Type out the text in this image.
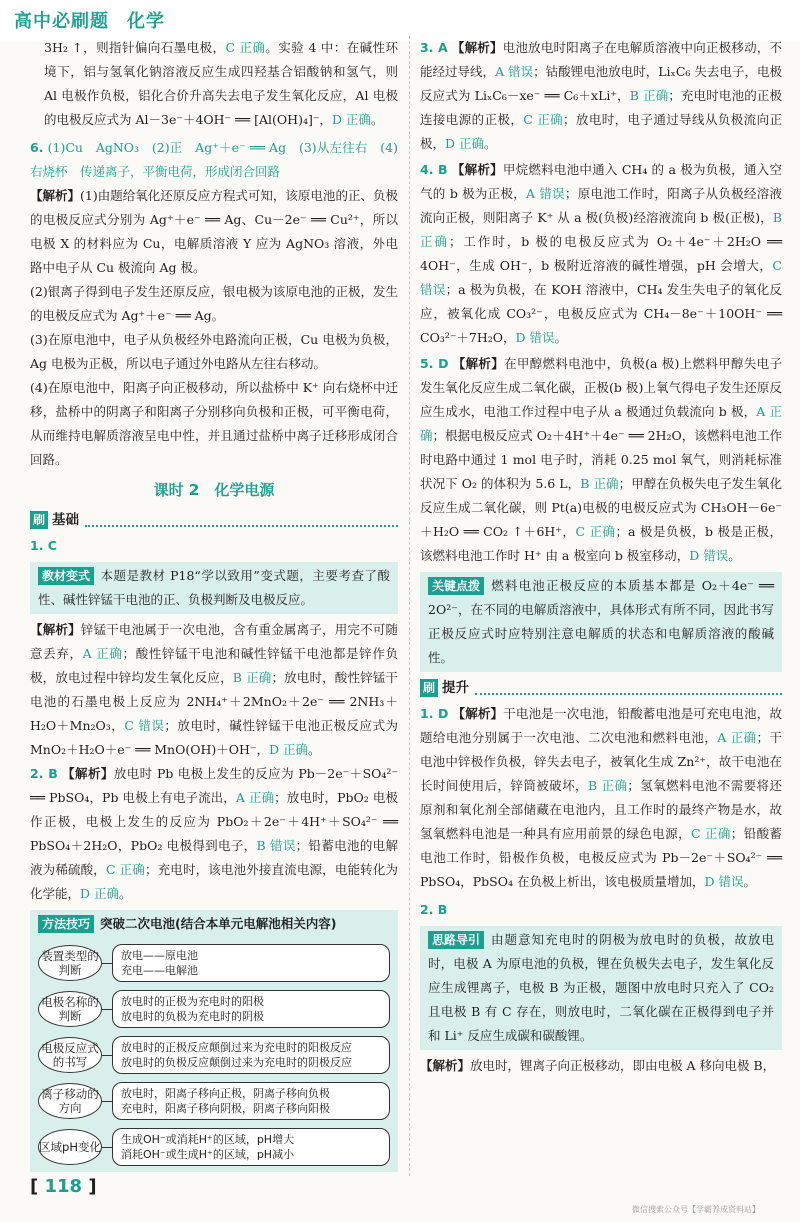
高中必刷题 化学

3H₂ ↑，则指针偏向石墨电极，C 正确。实验 4 中：在碱性环境下，铝与氢氧化钠溶液反应生成四羟基合铝酸钠和氢气，则 Al 电极作负极，铝化合价升高失去电子发生氧化反应，Al 电极的电极反应式为 Al－3e⁻＋4OH⁻ ══ [Al(OH)₄]⁻，D 正确。

6. (1)Cu　AgNO₃　(2)正　Ag⁺＋e⁻ ══ Ag　(3)从左往右　(4)右烧杯　传递离子，平衡电荷，形成闭合回路

【解析】(1)由题给氧化还原反应方程式可知，该原电池的正、负极的电极反应式分别为 Ag⁺＋e⁻ ══ Ag、Cu－2e⁻ ══ Cu²⁺，所以电极 X 的材料应为 Cu，电解质溶液 Y 应为 AgNO₃ 溶液，外电路中电子从 Cu 极流向 Ag 极。

(2)银离子得到电子发生还原反应，银电极为该原电池的正极，发生的电极反应式为 Ag⁺＋e⁻ ══ Ag。

(3)在原电池中，电子从负极经外电路流向正极，Cu 电极为负极，Ag 电极为正极，所以电子通过外电路从左往右移动。

(4)在原电池中，阳离子向正极移动，所以盐桥中 K⁺ 向右烧杯中迁移，盐桥中的阴离子和阳离子分别移向负极和正极，可平衡电荷，从而维持电解质溶液呈电中性，并且通过盐桥中离子迁移形成闭合回路。

课时 2　化学电源
刷 基础

1. C

教材变式 本题是教材 P18“学以致用”变式题，主要考查了酸性、碱性锌锰干电池的正、负极判断及电极反应。

【解析】锌锰干电池属于一次电池，含有重金属离子，用完不可随意丢弃，A 正确；酸性锌锰干电池和碱性锌锰干电池都是锌作负极，放电过程中锌均发生氧化反应，B 正确；放电时，酸性锌锰干电池的石墨电极上反应为 2NH₄⁺＋2MnO₂＋2e⁻ ══ 2NH₃＋H₂O＋Mn₂O₃，C 错误；放电时，碱性锌锰干电池正极反应式为 MnO₂＋H₂O＋e⁻ ══ MnO(OH)＋OH⁻，D 正确。

2. B 【解析】放电时 Pb 电极上发生的反应为 Pb－2e⁻＋SO₄²⁻ ══ PbSO₄，Pb 电极上有电子流出，A 正确；放电时，PbO₂ 电极作正极，电极上发生的反应为 PbO₂＋2e⁻＋4H⁺＋SO₄²⁻ ══ PbSO₄＋2H₂O，PbO₂ 电极得到电子，B 错误；铅蓄电池的电解液为稀硫酸，C 正确；充电时，该电池外接直流电源，电能转化为化学能，D 正确。

方法技巧 突破二次电池(结合本单元电解池相关内容)
装置类型的判断
放电——原电池
充电——电解池
电极名称的判断
放电时的正极为充电时的阳极
放电时的负极为充电时的阴极
电极反应式的书写
放电时的正极反应颠倒过来为充电时的阳极反应
放电时的负极反应颠倒过来为充电时的阴极反应
离子移动的方向
放电时，阳离子移向正极，阴离子移向负极
充电时，阳离子移向阴极，阴离子移向阳极
区域pH变化
生成OH⁻或消耗H⁺的区域，pH增大
消耗OH⁻或生成H⁺的区域，pH减小

3. A 【解析】电池放电时阳离子在电解质溶液中向正极移动，不能经过导线，A 错误；钴酸锂电池放电时，LiₓC₆ 失去电子，电极反应式为 LiₓC₆－xe⁻ ══ C₆＋xLi⁺，B 正确；充电时电池的正极连接电源的正极，C 正确；放电时，电子通过导线从负极流向正极，D 正确。

4. B 【解析】甲烷燃料电池中通入 CH₄ 的 a 极为负极，通入空气的 b 极为正极，A 错误；原电池工作时，阳离子从负极经溶液流向正极，则阳离子 K⁺ 从 a 极(负极)经溶液流向 b 极(正极)，B 正确；工作时，b 极的电极反应式为 O₂＋4e⁻＋2H₂O ══ 4OH⁻，生成 OH⁻，b 极附近溶液的碱性增强，pH 会增大，C 错误；a 极为负极，在 KOH 溶液中，CH₄ 发生失电子的氧化反应，被氧化成 CO₃²⁻，电极反应式为 CH₄－8e⁻＋10OH⁻ ══ CO₃²⁻＋7H₂O，D 错误。

5. D 【解析】在甲醇燃料电池中，负极(a 极)上燃料甲醇失电子发生氧化反应生成二氧化碳，正极(b 极)上氧气得电子发生还原反应生成水，电池工作过程中电子从 a 极通过负载流向 b 极，A 正确；根据电极反应式 O₂＋4H⁺＋4e⁻ ══ 2H₂O，该燃料电池工作时电路中通过 1 mol 电子时，消耗 0.25 mol 氧气，则消耗标准状况下 O₂ 的体积为 5.6 L，B 正确；甲醇在负极失电子发生氧化反应生成二氧化碳，则 Pt(a)电极的电极反应式为 CH₃OH－6e⁻＋H₂O ══ CO₂ ↑＋6H⁺，C 正确；a 极是负极，b 极是正极，该燃料电池工作时 H⁺ 由 a 极室向 b 极室移动，D 错误。

关键点拨 燃料电池正极反应的本质基本都是 O₂＋4e⁻ ══ 2O²⁻，在不同的电解质溶液中，具体形式有所不同，因此书写正极反应式时应特别注意电解质的状态和电解质溶液的酸碱性。

刷 提升

1. D 【解析】干电池是一次电池，铅酸蓄电池是可充电电池，故题给电池分别属于一次电池、二次电池和燃料电池，A 正确；干电池中锌极作负极，锌失去电子，被氧化生成 Zn²⁺，故干电池在长时间使用后，锌筒被破坏，B 正确；氢氧燃料电池不需要将还原剂和氧化剂全部储藏在电池内，且工作时的最终产物是水，故氢氧燃料电池是一种具有应用前景的绿色电源，C 正确；铅酸蓄电池工作时，铅极作负极，电极反应式为 Pb－2e⁻＋SO₄²⁻ ══ PbSO₄，PbSO₄ 在负极上析出，该电极质量增加，D 错误。

2. B

思路导引 由题意知充电时的阴极为放电时的负极，故放电时，电极 A 为原电池的负极，锂在负极失去电子，发生氧化反应生成锂离子，电极 B 为正极，题图中放电时只充入了 CO₂ 且电极 B 有 C 存在，则放电时，二氧化碳在正极得到电子并和 Li⁺ 反应生成碳和碳酸锂。

【解析】放电时，锂离子向正极移动，即由电极 A 移向电极 B，

[ 118 ]
微信搜索公众号【学霸养成资料站】
